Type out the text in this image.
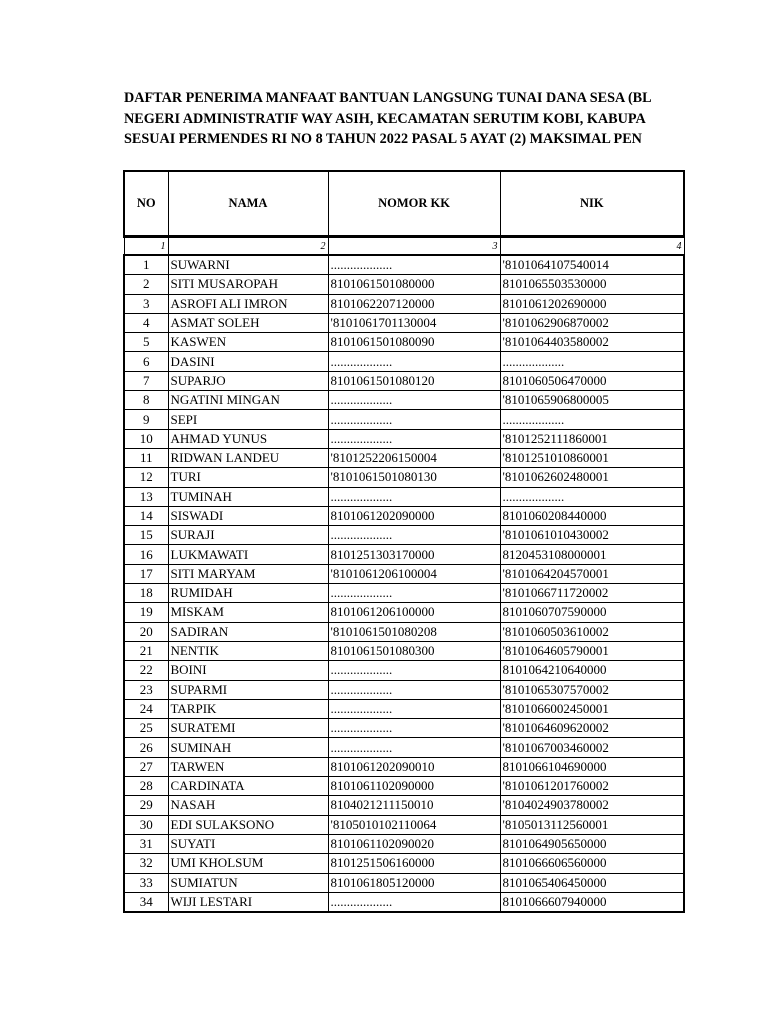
DAFTAR PENERIMA MANFAAT BANTUAN LANGSUNG TUNAI DANA SESA (BL
NEGERI ADMINISTRATIF WAY ASIH, KECAMATAN SERUTIM KOBI, KABUPA
SESUAI PERMENDES RI NO 8 TAHUN 2022 PASAL 5 AYAT (2) MAKSIMAL PEN
NO	NAMA	NOMOR KK	NIK
1	2	3	4
1	SUWARNI	...................	'8101064107540014
2	SITI MUSAROPAH	8101061501080000	8101065503530000
3	ASROFI ALI IMRON	8101062207120000	8101061202690000
4	ASMAT SOLEH	'8101061701130004	'8101062906870002
5	KASWEN	8101061501080090	'8101064403580002
6	DASINI	...................	...................
7	SUPARJO	8101061501080120	8101060506470000
8	NGATINI MINGAN	...................	'8101065906800005
9	SEPI	...................	...................
10	AHMAD YUNUS	...................	'8101252111860001
11	RIDWAN LANDEU	'8101252206150004	'8101251010860001
12	TURI	'8101061501080130	'8101062602480001
13	TUMINAH	...................	...................
14	SISWADI	8101061202090000	8101060208440000
15	SURAJI	...................	'8101061010430002
16	LUKMAWATI	8101251303170000	8120453108000001
17	SITI MARYAM	'8101061206100004	'8101064204570001
18	RUMIDAH	...................	'8101066711720002
19	MISKAM	8101061206100000	8101060707590000
20	SADIRAN	'8101061501080208	'8101060503610002
21	NENTIK	8101061501080300	'8101064605790001
22	BOINI	...................	8101064210640000
23	SUPARMI	...................	'8101065307570002
24	TARPIK	...................	'8101066002450001
25	SURATEMI	...................	'8101064609620002
26	SUMINAH	...................	'8101067003460002
27	TARWEN	8101061202090010	8101066104690000
28	CARDINATA	8101061102090000	'8101061201760002
29	NASAH	8104021211150010	'8104024903780002
30	EDI SULAKSONO	'8105010102110064	'8105013112560001
31	SUYATI	8101061102090020	8101064905650000
32	UMI KHOLSUM	8101251506160000	8101066606560000
33	SUMIATUN	8101061805120000	8101065406450000
34	WIJI LESTARI	...................	8101066607940000
